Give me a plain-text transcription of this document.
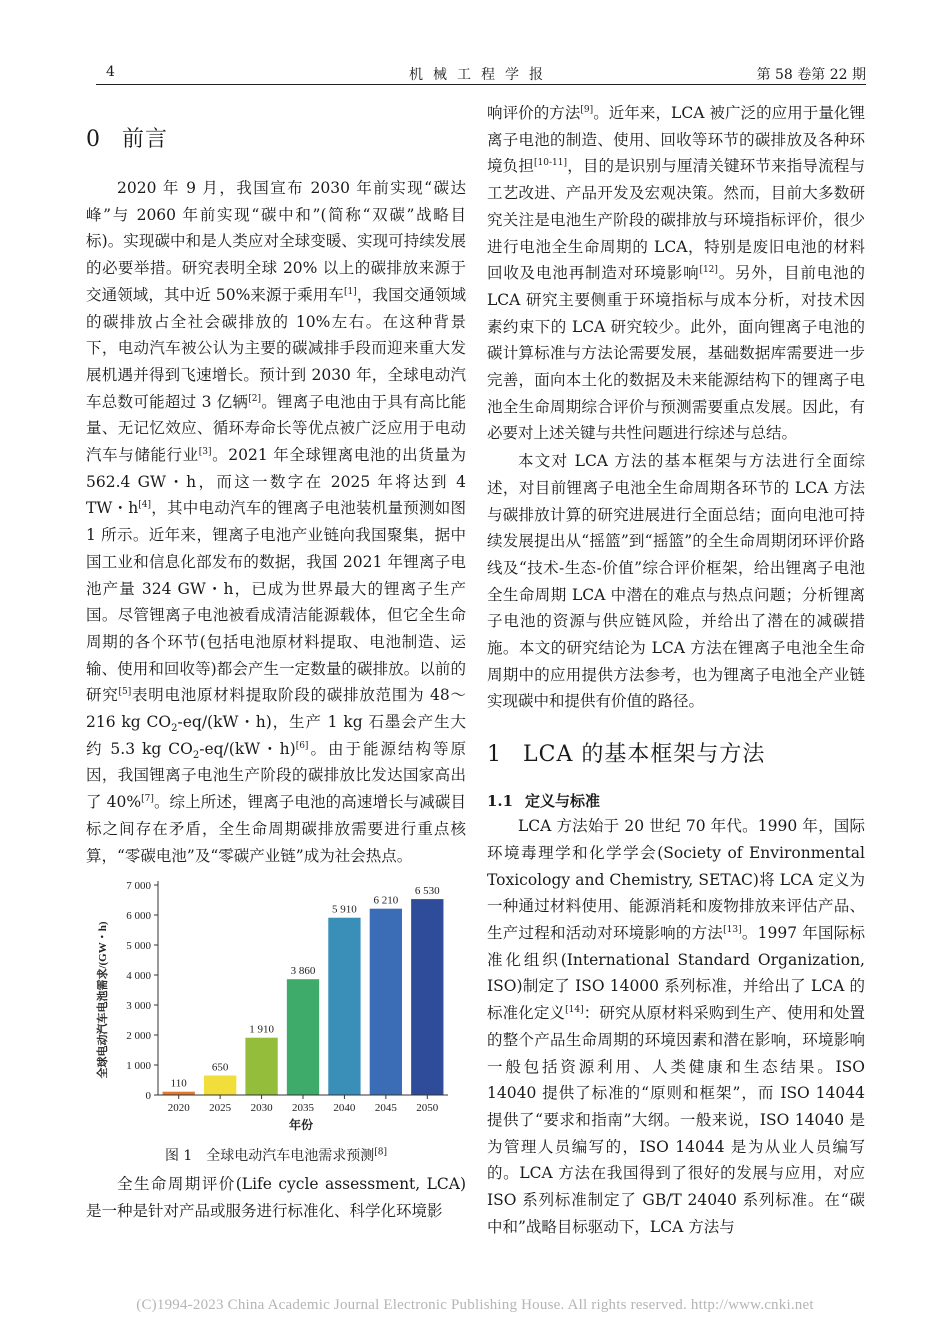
4	机械工程学报	第 58 卷第 22 期
0 前言

2020 年 9 月，我国宣布 2030 年前实现“碳达峰”与 2060 年前实现“碳中和”(简称“双碳”战略目标)。实现碳中和是人类应对全球变暖、实现可持续发展的必要举措。研究表明全球 20% 以上的碳排放来源于交通领域，其中近 50%来源于乘用车[1]，我国交通领域的碳排放占全社会碳排放的 10%左右。在这种背景下，电动汽车被公认为主要的碳减排手段而迎来重大发展机遇并得到飞速增长。预计到 2030 年，全球电动汽车总数可能超过 3 亿辆[2]。锂离子电池由于具有高比能量、无记忆效应、循环寿命长等优点被广泛应用于电动汽车与储能行业[3]。2021 年全球锂离电池的出货量为 562.4 GW・h，而这一数字在 2025 年将达到 4 TW・h[4]，其中电动汽车的锂离子电池装机量预测如图 1 所示。近年来，锂离子电池产业链向我国聚集，据中国工业和信息化部发布的数据，我国 2021 年锂离子电池产量 324 GW・h，已成为世界最大的锂离子生产国。尽管锂离子电池被看成清洁能源载体，但它全生命周期的各个环节(包括电池原材料提取、电池制造、运输、使用和回收等)都会产生一定数量的碳排放。以前的研究[5]表明电池原材料提取阶段的碳排放范围为 48～216 kg $CO_2-eq/(kW$・h)，生产 1 kg 石墨会产生大约 5.3 kg $CO_2-eq/(kW$・h)[6]。由于能源结构等原因，我国锂离子电池生产阶段的碳排放比发达国家高出了 40%[7]。综上所述，锂离子电池的高速增长与减碳目标之间存在矛盾，全生命周期碳排放需要进行重点核算，“零碳电池”及“零碳产业链”成为社会热点。

0
1 000
2 000
3 000
4 000
5 000
6 000
7 000
110
650
1 910
3 860
5 910
6 210
6 530
2020 2025 2030 2035 2040 2045 2050
全球电动汽车电池需求/(GW・h)
年份
图 1　全球电动汽车电池需求预测[8]

全生命周期评价(Life cycle assessment, LCA)是一种是针对产品或服务进行标准化、科学化环境影

响评价的方法[9]。近年来，LCA 被广泛的应用于量化锂离子电池的制造、使用、回收等环节的碳排放及各种环境负担[10-11]，目的是识别与厘清关键环节来指导流程与工艺改进、产品开发及宏观决策。然而，目前大多数研究关注是电池生产阶段的碳排放与环境指标评价，很少进行电池全生命周期的 LCA，特别是废旧电池的材料回收及电池再制造对环境影响[12]。另外，目前电池的 LCA 研究主要侧重于环境指标与成本分析，对技术因素约束下的 LCA 研究较少。此外，面向锂离子电池的碳计算标准与方法论需要发展，基础数据库需要进一步完善，面向本土化的数据及未来能源结构下的锂离子电池全生命周期综合评价与预测需要重点发展。因此，有必要对上述关键与共性问题进行综述与总结。

本文对 LCA 方法的基本框架与方法进行全面综述，对目前锂离子电池全生命周期各环节的 LCA 方法与碳排放计算的研究进展进行全面总结；面向电池可持续发展提出从“摇篮”到“摇篮”的全生命周期闭环评价路线及“技术-生态-价值”综合评价框架，给出锂离子电池全生命周期 LCA 中潜在的难点与热点问题；分析锂离子电池的资源与供应链风险，并给出了潜在的减碳措施。本文的研究结论为 LCA 方法在锂离子电池全生命周期中的应用提供方法参考，也为锂离子电池全产业链实现碳中和提供有价值的路径。

1 LCA 的基本框架与方法
1.1 定义与标准

LCA 方法始于 20 世纪 70 年代。1990 年，国际环境毒理学和化学学会(Society of Environmental Toxicology and Chemistry, SETAC)将 LCA 定义为一种通过材料使用、能源消耗和废物排放来评估产品、生产过程和活动对环境影响的方法[13]。1997 年国际标准化组织(International Standard Organization, ISO)制定了 ISO 14000 系列标准，并给出了 LCA 的标准化定义[14]：研究从原材料采购到生产、使用和处置的整个产品生命周期的环境因素和潜在影响，环境影响一般包括资源利用、人类健康和生态结果。ISO 14040 提供了标准的“原则和框架”，而 ISO 14044 提供了“要求和指南”大纲。一般来说，ISO 14040 是为管理人员编写的，ISO 14044 是为从业人员编写的。LCA 方法在我国得到了很好的发展与应用，对应 ISO 系列标准制定了 GB/T 24040 系列标准。在“碳中和”战略目标驱动下，LCA 方法与

(C)1994-2023 China Academic Journal Electronic Publishing House. All rights reserved. http://www.cnki.net
